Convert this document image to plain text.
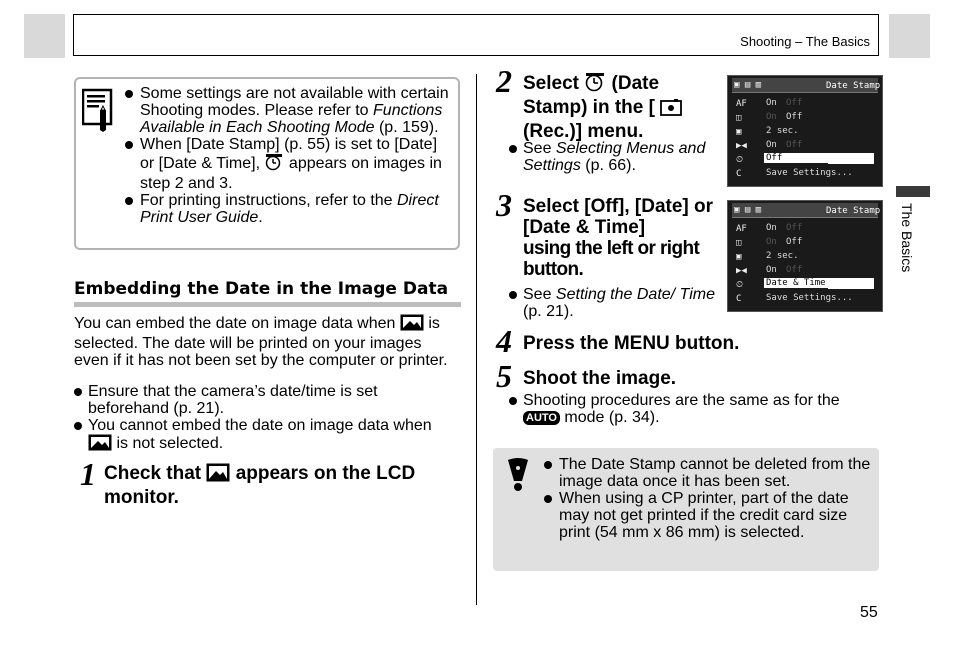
Shooting – The Basics
The Basics
55
Some settings are not available with certain Shooting modes. Please refer to Functions Available in Each Shooting Mode (p. 159).
When [Date Stamp] (p. 55) is set to [Date] or [Date & Time],  appears on images in step 2 and 3.
For printing instructions, refer to the Direct Print User Guide.
Embedding the Date in the Image Data
You can embed the date on image data when  is selected. The date will be printed on your images even if it has not been set by the computer or printer.
Ensure that the camera’s date/time is set beforehand (p. 21).
You cannot embed the date on image data when
is not selected.
1 Check that  appears on the LCD monitor.
2 Select  (Date Stamp) in the [  (Rec.)] menu.
See Selecting Menus and Settings (p. 66).
▣ ▤ ▥	Date Stamp
AF
◫
▣
▶◀
⏲
C
On Off
On Off
2 sec.
On Off
Off
Save Settings...
3 Select [Off], [Date] or [Date & Time]
using the left or right button.
See Setting the Date/ Time (p. 21).
▣ ▤ ▥	Date Stamp
AF
◫
▣
▶◀
⏲
C
On Off
On Off
2 sec.
On Off
Date & Time
Save Settings...
4 Press the MENU button.
5 Shoot the image.
Shooting procedures are the same as for the AUTO mode (p. 34).
The Date Stamp cannot be deleted from the image data once it has been set.
When using a CP printer, part of the date may not get printed if the credit card size print (54 mm x 86 mm) is selected.
